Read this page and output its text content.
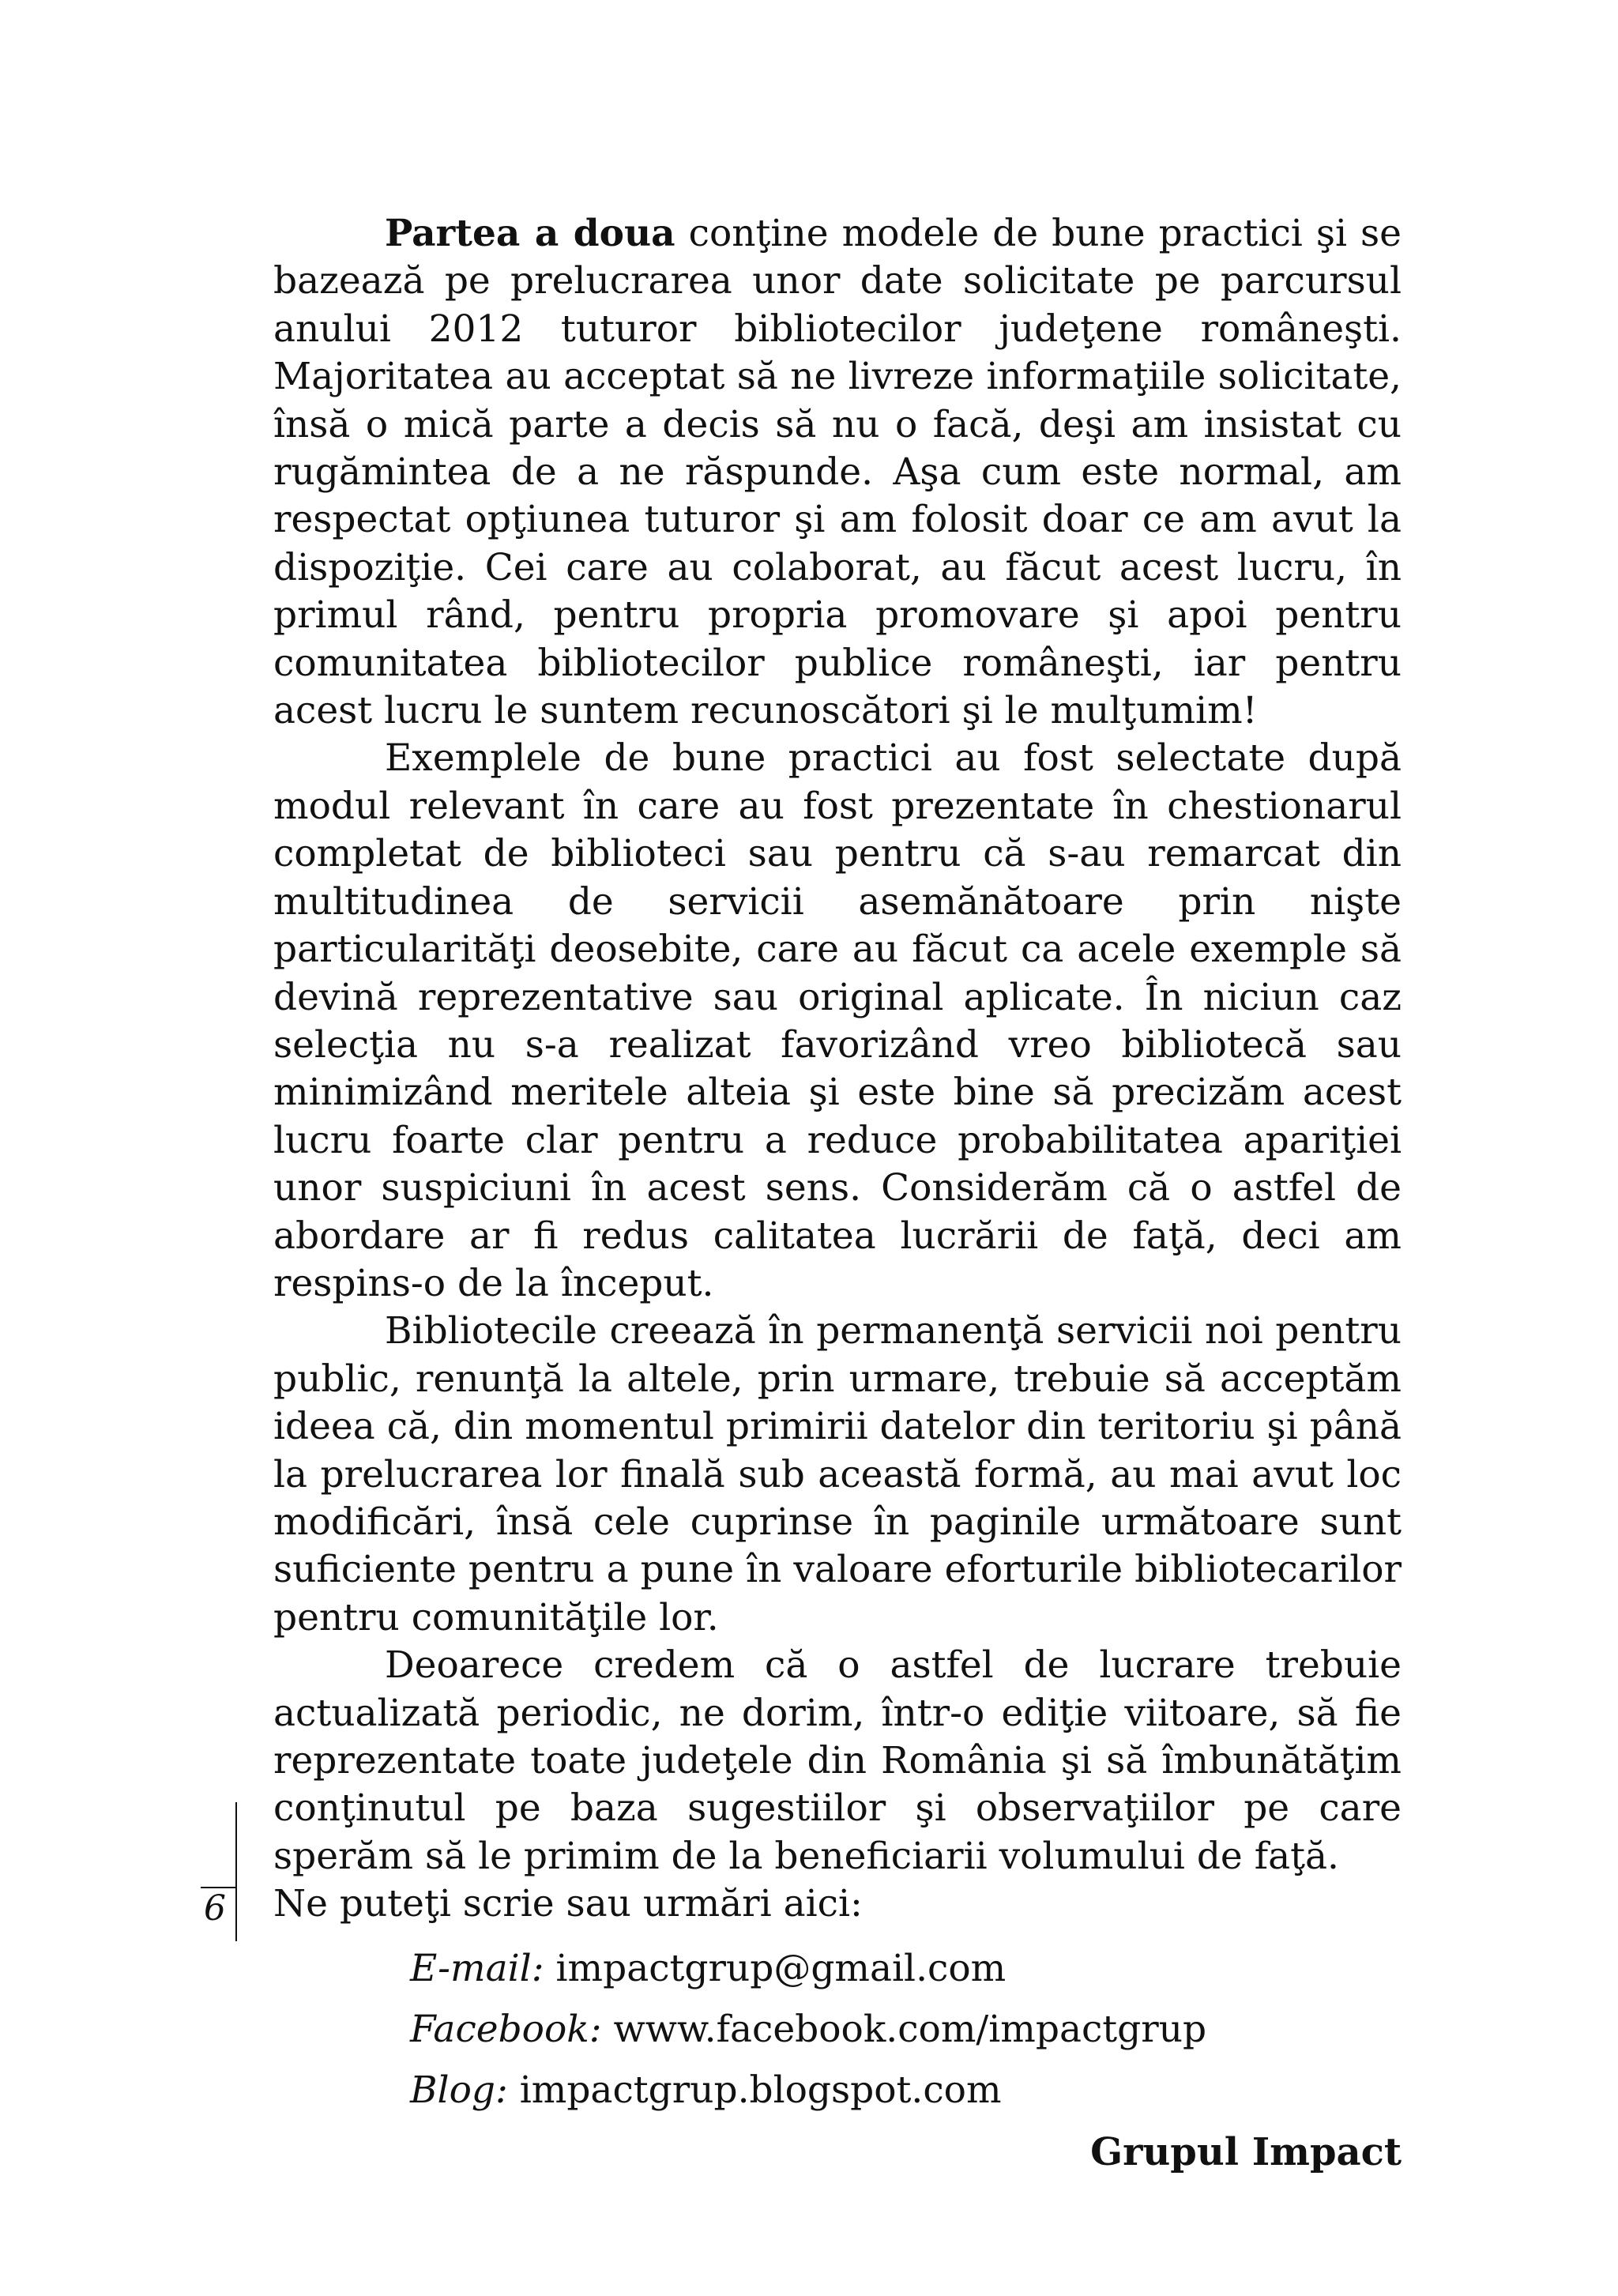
Partea a doua conţine modele de bune practici şi se bazează pe prelucrarea unor date solicitate pe parcursul anului 2012 tuturor bibliotecilor judeţene româneşti. Majoritatea au acceptat să ne livreze informaţiile solicitate, însă o mică parte a decis să nu o facă, deşi am insistat cu rugămintea de a ne răspunde. Aşa cum este normal, am respectat opţiunea tuturor şi am folosit doar ce am avut la dispoziţie. Cei care au colaborat, au făcut acest lucru, în primul rând, pentru propria promovare şi apoi pentru comunitatea bibliotecilor publice româneşti, iar pentru acest lucru le suntem recunoscători şi le mulţumim!

Exemplele de bune practici au fost selectate după modul relevant în care au fost prezentate în chestionarul completat de biblioteci sau pentru că s-au remarcat din multitudinea de servicii asemănătoare prin nişte particularităţi deosebite, care au făcut ca acele exemple să devină reprezentative sau original aplicate. În niciun caz selecţia nu s-a realizat favorizând vreo bibliotecă sau minimizând meritele alteia şi este bine să precizăm acest lucru foarte clar pentru a reduce probabilitatea apariţiei unor suspiciuni în acest sens. Considerăm că o astfel de abordare ar fi redus calitatea lucrării de faţă, deci am respins-o de la început.

Bibliotecile creează în permanenţă servicii noi pentru public, renunţă la altele, prin urmare, trebuie să acceptăm ideea că, din momentul primirii datelor din teritoriu şi până la prelucrarea lor finală sub această formă, au mai avut loc modificări, însă cele cuprinse în paginile următoare sunt suficiente pentru a pune în valoare eforturile bibliotecarilor pentru comunităţile lor.

Deoarece credem că o astfel de lucrare trebuie actualizată periodic, ne dorim, într-o ediţie viitoare, să fie reprezentate toate judeţele din România şi să îmbunătăţim conţinutul pe baza sugestiilor şi observaţiilor pe care sperăm să le primim de la beneficiarii volumului de faţă.

Ne puteţi scrie sau urmări aici:

E-mail: impactgrup@gmail.com
Facebook: www.facebook.com/impactgrup
Blog: impactgrup.blogspot.com
Grupul Impact
6
